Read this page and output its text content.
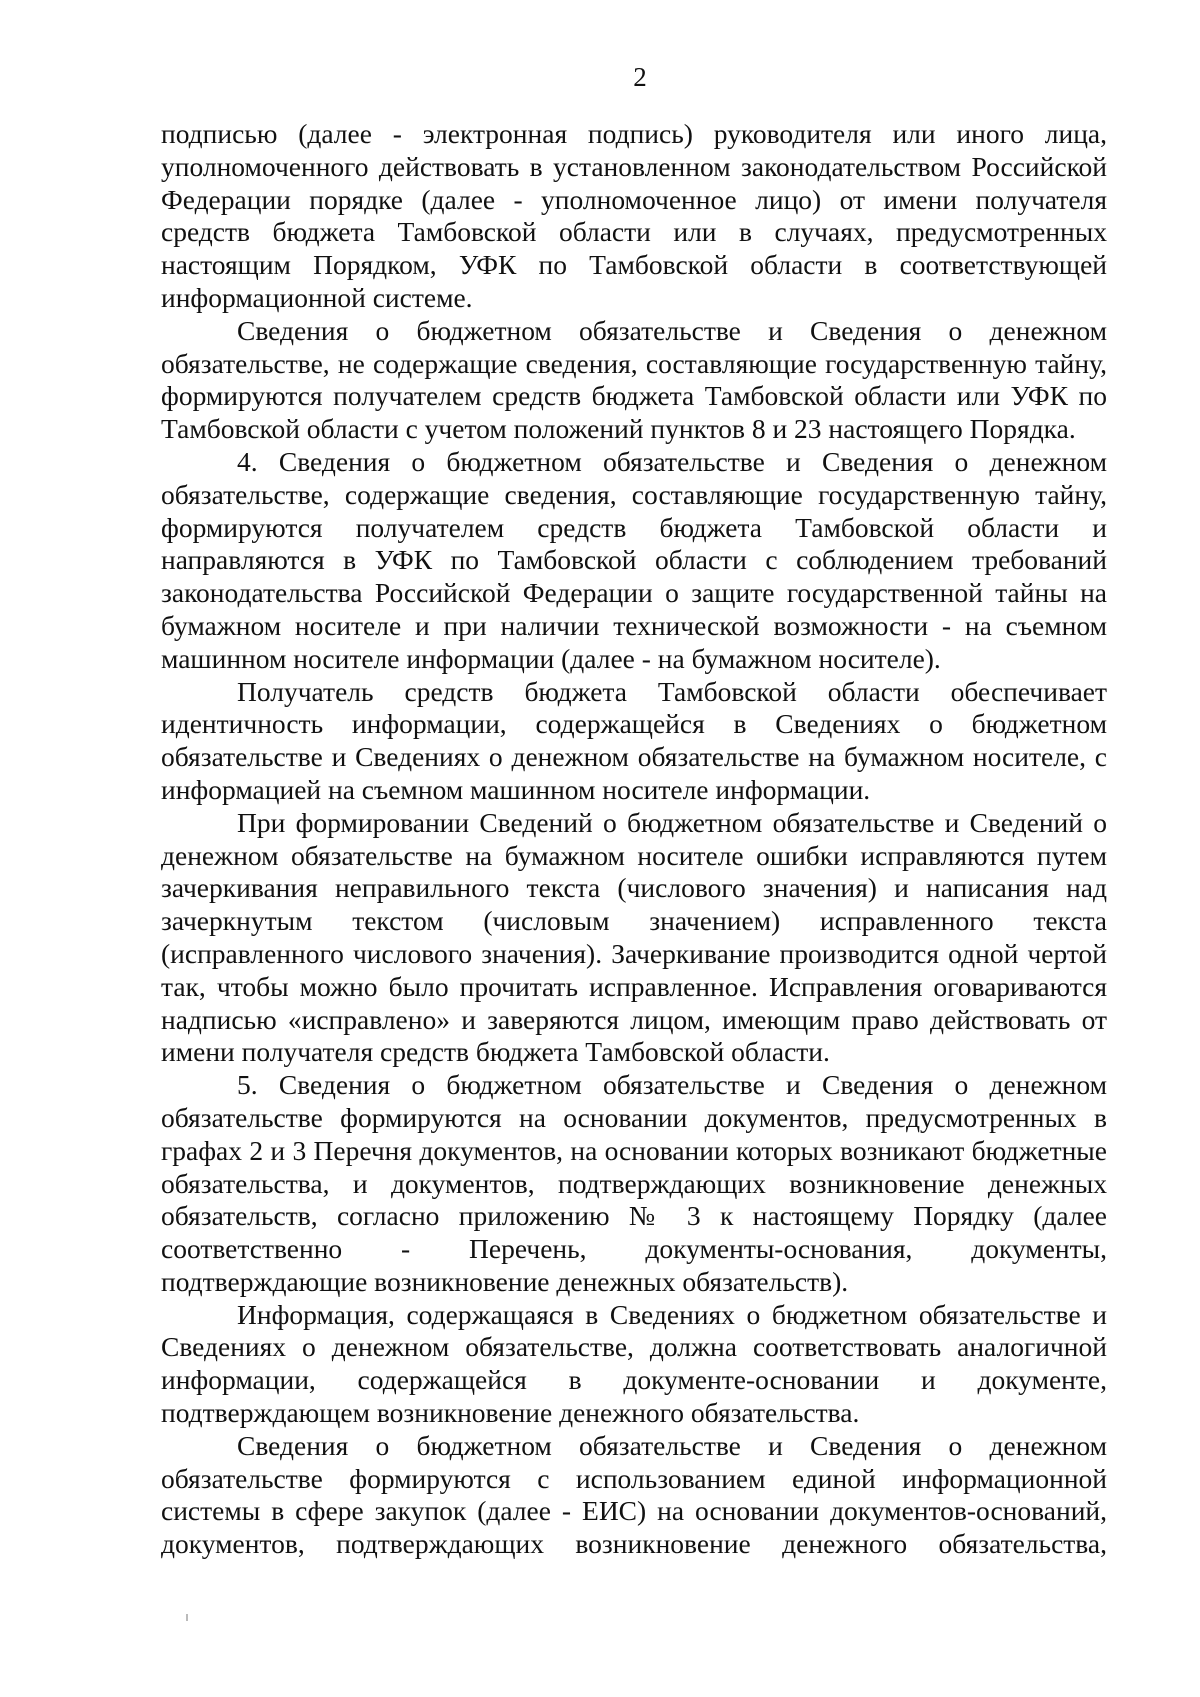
2

подписью (далее - электронная подпись) руководителя или иного лица, уполномоченного действовать в установленном законодательством Российской Федерации порядке (далее - уполномоченное лицо) от имени получателя средств бюджета Тамбовской области или в случаях, предусмотренных настоящим Порядком, УФК по Тамбовской области в соответствующей информационной системе.

Сведения о бюджетном обязательстве и Сведения о денежном обязательстве, не содержащие сведения, составляющие государственную тайну, формируются получателем средств бюджета Тамбовской области или УФК по Тамбовской области с учетом положений пунктов 8 и 23 настоящего Порядка.

4. Сведения о бюджетном обязательстве и Сведения о денежном обязательстве, содержащие сведения, составляющие государственную тайну, формируются получателем средств бюджета Тамбовской области и направляются в УФК по Тамбовской области с соблюдением требований законодательства Российской Федерации о защите государственной тайны на бумажном носителе и при наличии технической возможности - на съемном машинном носителе информации (далее - на бумажном носителе).

Получатель средств бюджета Тамбовской области обеспечивает идентичность информации, содержащейся в Сведениях о бюджетном обязательстве и Сведениях о денежном обязательстве на бумажном носителе, с информацией на съемном машинном носителе информации.

При формировании Сведений о бюджетном обязательстве и Сведений о денежном обязательстве на бумажном носителе ошибки исправляются путем зачеркивания неправильного текста (числового значения) и написания над зачеркнутым текстом (числовым значением) исправленного текста (исправленного числового значения). Зачеркивание производится одной чертой так, чтобы можно было прочитать исправленное. Исправления оговариваются надписью «исправлено» и заверяются лицом, имеющим право действовать от имени получателя средств бюджета Тамбовской области.

5. Сведения о бюджетном обязательстве и Сведения о денежном обязательстве формируются на основании документов, предусмотренных в графах 2 и 3 Перечня документов, на основании которых возникают бюджетные обязательства, и документов, подтверждающих возникновение денежных обязательств, согласно приложению № 3 к настоящему Порядку (далее соответственно - Перечень, документы-основания, документы, подтверждающие возникновение денежных обязательств).

Информация, содержащаяся в Сведениях о бюджетном обязательстве и Сведениях о денежном обязательстве, должна соответствовать аналогичной информации, содержащейся в документе-основании и документе, подтверждающем возникновение денежного обязательства.

Сведения о бюджетном обязательстве и Сведения о денежном обязательстве формируются с использованием единой информационной системы в сфере закупок (далее - ЕИС) на основании документов-оснований, документов, подтверждающих возникновение денежного обязательства,
